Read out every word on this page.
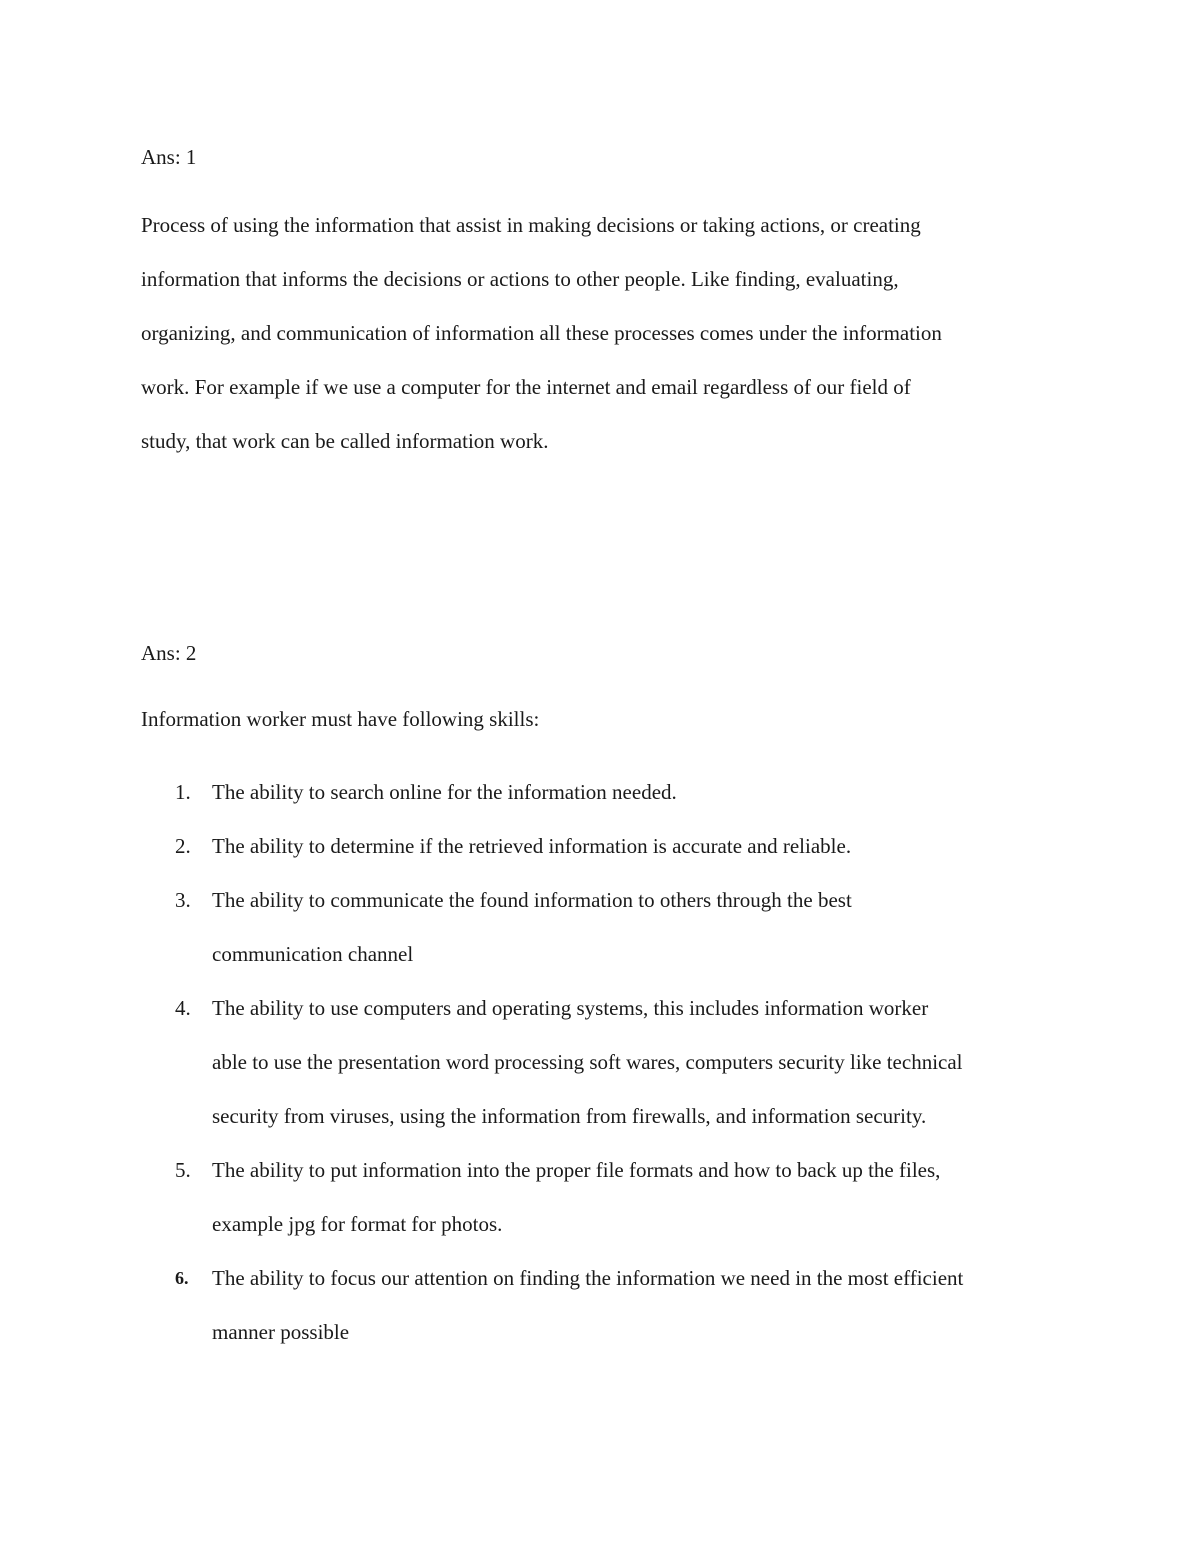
Ans: 1
Process of using the information that assist in making decisions or taking actions, or creating
information that informs the decisions or actions to other people. Like finding, evaluating,
organizing, and communication of information all these processes comes under the information
work. For example if we use a computer for the internet and email regardless of our field of
study, that work can be called information work.
Ans: 2

Information worker must have following skills:

1. The ability to search online for the information needed.
2. The ability to determine if the retrieved information is accurate and reliable.
3. The ability to communicate the found information to others through the best
communication channel
4. The ability to use computers and operating systems, this includes information worker
able to use the presentation word processing soft wares, computers security like technical
security from viruses, using the information from firewalls, and information security.
5. The ability to put information into the proper file formats and how to back up the files,
example jpg for format for photos.
6. The ability to focus our attention on finding the information we need in the most efficient
manner possible
